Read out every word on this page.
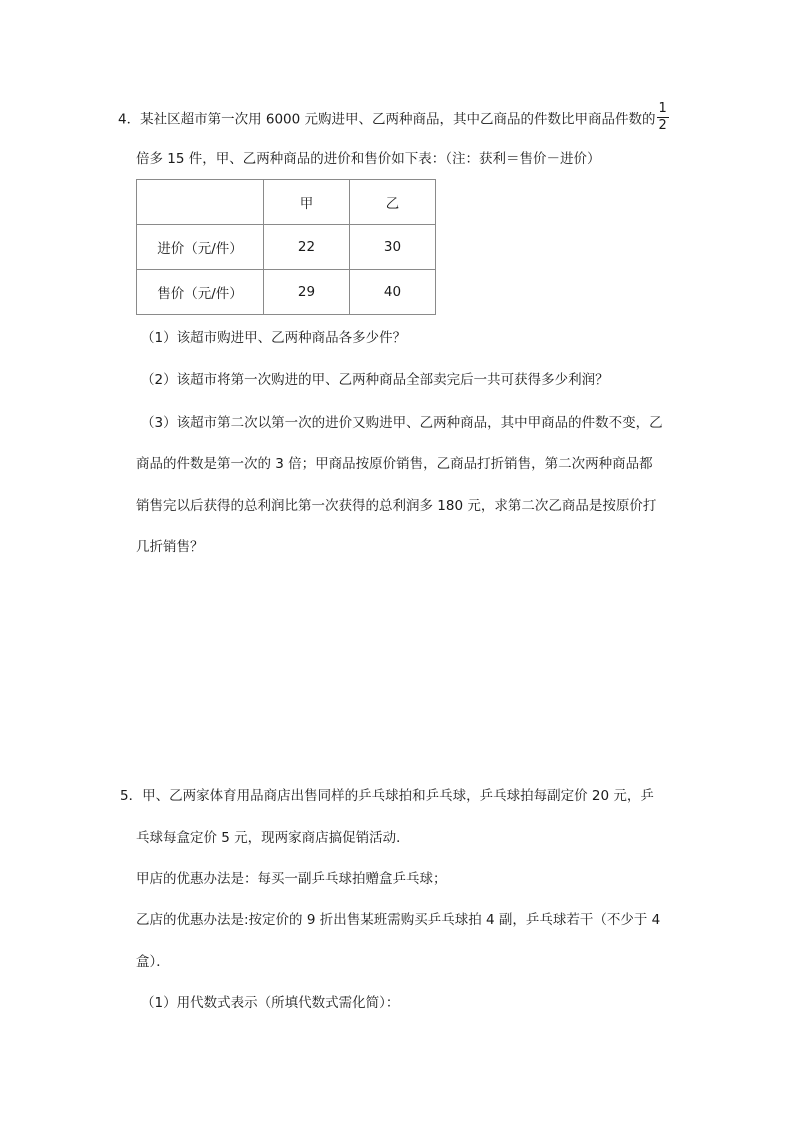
4．某社区超市第一次用 6000 元购进甲、乙两种商品，其中乙商品的件数比甲商品件数的 $\frac{1}{2}$
倍多 15 件，甲、乙两种商品的进价和售价如下表：（注：获利＝售价－进价）
	甲	乙
进价（元/件）	22	30
售价（元/件）	29	40
（1）该超市购进甲、乙两种商品各多少件？
（2）该超市将第一次购进的甲、乙两种商品全部卖完后一共可获得多少利润？
（3）该超市第二次以第一次的进价又购进甲、乙两种商品，其中甲商品的件数不变，乙
商品的件数是第一次的 3 倍；甲商品按原价销售，乙商品打折销售，第二次两种商品都
销售完以后获得的总利润比第一次获得的总利润多 180 元，求第二次乙商品是按原价打
几折销售？
5．甲、乙两家体育用品商店出售同样的乒乓球拍和乒乓球，乒乓球拍每副定价 20 元，乒
乓球每盒定价 5 元，现两家商店搞促销活动．
甲店的优惠办法是：每买一副乒乓球拍赠盒乒乓球；
乙店的优惠办法是:按定价的 9 折出售某班需购买乒乓球拍 4 副，乒乓球若干（不少于 4
盒）．
（1）用代数式表示（所填代数式需化简）：
